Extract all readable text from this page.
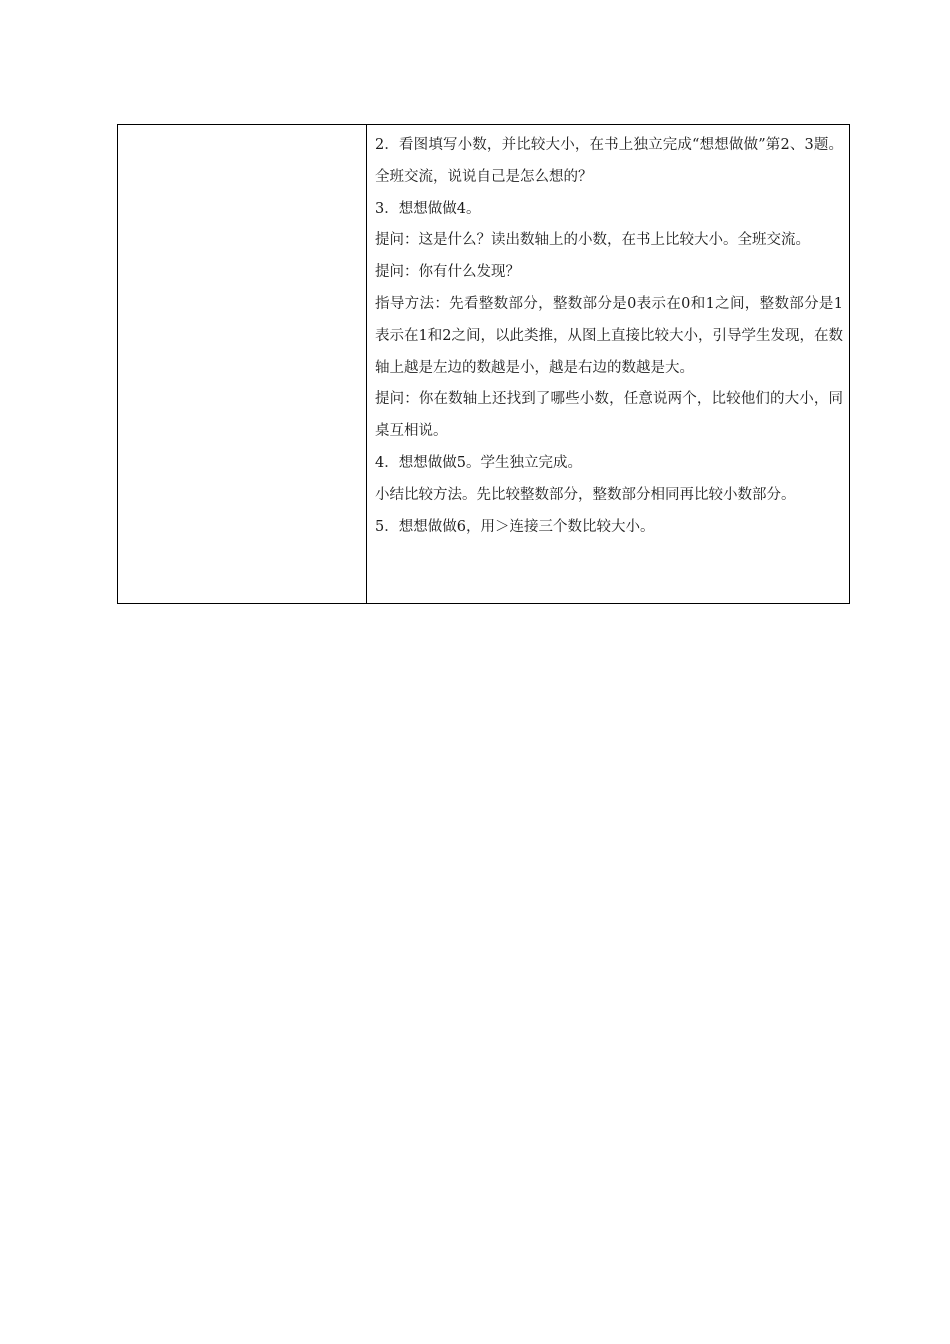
2．看图填写小数，并比较大小，在书上独立完成“想想做做”第2、3题。全班交流，说说自己是怎么想的？

3．想想做做4。

提问：这是什么？读出数轴上的小数，在书上比较大小。全班交流。

提问：你有什么发现？

指导方法：先看整数部分，整数部分是0表示在0和1之间，整数部分是1表示在1和2之间，以此类推，从图上直接比较大小，引导学生发现，在数轴上越是左边的数越是小，越是右边的数越是大。

提问：你在数轴上还找到了哪些小数，任意说两个，比较他们的大小，同桌互相说。

4．想想做做5。学生独立完成。

小结比较方法。先比较整数部分，整数部分相同再比较小数部分。

5．想想做做6，用＞连接三个数比较大小。
